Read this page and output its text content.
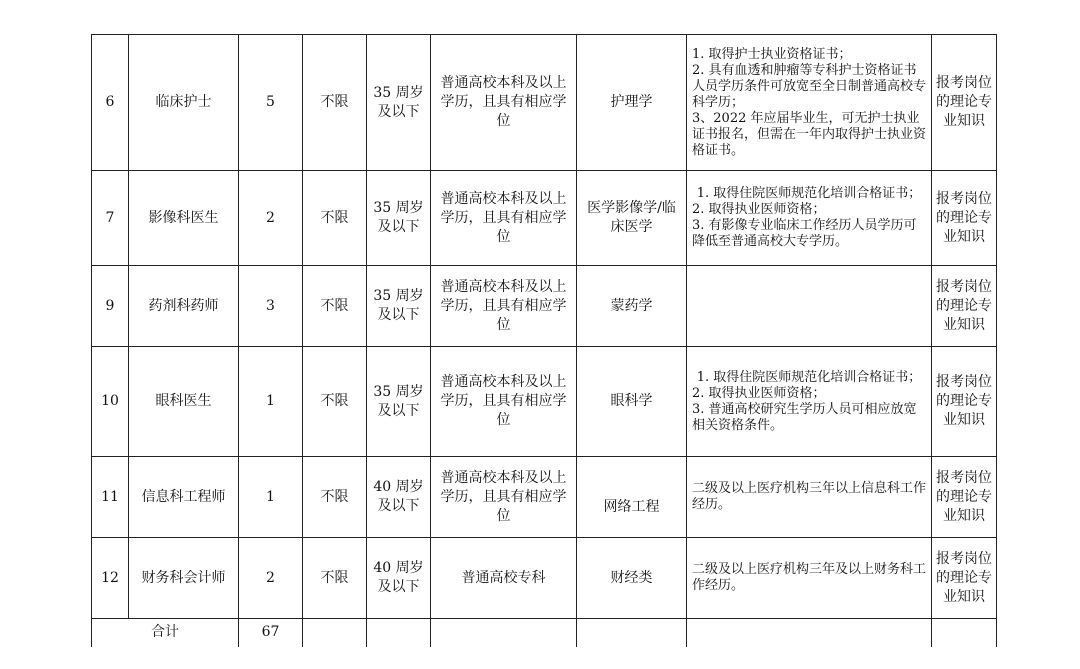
6	临床护士	5	不限	35 周岁及以下	普通高校本科及以上学历，且具有相应学位	护理学	1. 取得护士执业资格证书；
2. 具有血透和肿瘤等专科护士资格证书人员学历条件可放宽至全日制普通高校专科学历；
3、2022 年应届毕业生，可无护士执业证书报名，但需在一年内取得护士执业资格证书。	报考岗位的理论专业知识
7	影像科医生	2	不限	35 周岁及以下	普通高校本科及以上学历，且具有相应学位	医学影像学/临床医学	1. 取得住院医师规范化培训合格证书；
2. 取得执业医师资格；
3. 有影像专业临床工作经历人员学历可降低至普通高校大专学历。	报考岗位的理论专业知识
9	药剂科药师	3	不限	35 周岁及以下	普通高校本科及以上学历，且具有相应学位	蒙药学		报考岗位的理论专业知识
10	眼科医生	1	不限	35 周岁及以下	普通高校本科及以上学历，且具有相应学位	眼科学	1. 取得住院医师规范化培训合格证书；
2. 取得执业医师资格；
3. 普通高校研究生学历人员可相应放宽相关资格条件。	报考岗位的理论专业知识
11	信息科工程师	1	不限	40 周岁及以下	普通高校本科及以上学历，且具有相应学位	网络工程	二级及以上医疗机构三年以上信息科工作经历。	报考岗位的理论专业知识
12	财务科会计师	2	不限	40 周岁及以下	普通高校专科	财经类	二级及以上医疗机构三年及以上财务科工作经历。	报考岗位的理论专业知识
合计		67						
